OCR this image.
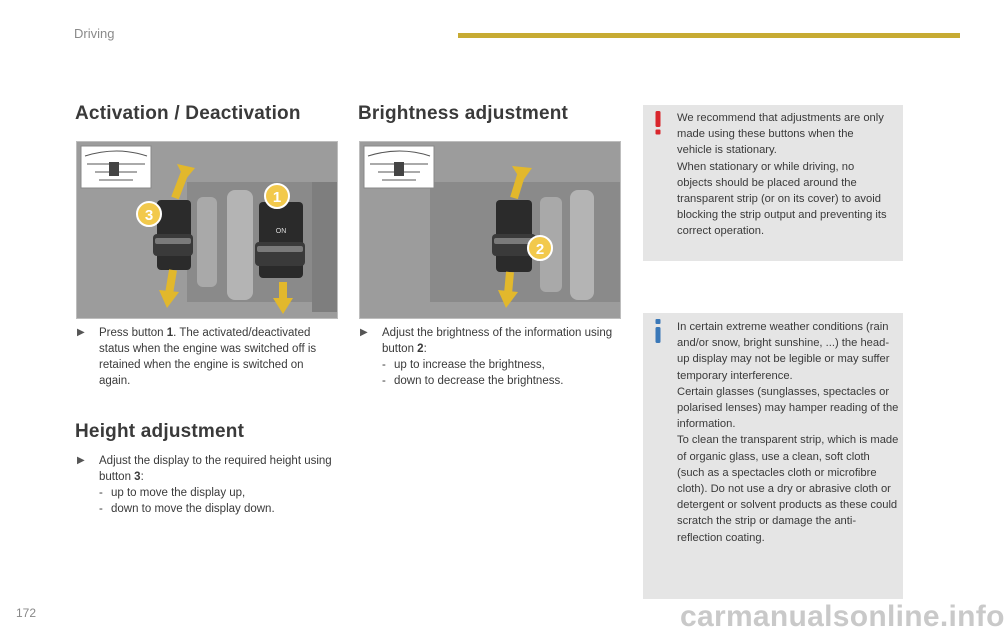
Driving
Activation / Deactivation
ON
3
1
▶ Press button 1. The activated/deactivated status when the engine was switched off is retained when the engine is switched on again.
Height adjustment
▶ Adjust the display to the required height using button 3:
- up to move the display up,
- down to move the display down.
Brightness adjustment
2
▶ Adjust the brightness of the information using button 2:
- up to increase the brightness,
- down to decrease the brightness.

We recommend that adjustments are only made using these buttons when the vehicle is stationary.

When stationary or while driving, no objects should be placed around the transparent strip (or on its cover) to avoid blocking the strip output and preventing its correct operation.

In certain extreme weather conditions (rain and/or snow, bright sunshine, ...) the head-up display may not be legible or may suffer temporary interference.

Certain glasses (sunglasses, spectacles or polarised lenses) may hamper reading of the information.

To clean the transparent strip, which is made of organic glass, use a clean, soft cloth (such as a spectacles cloth or microfibre cloth). Do not use a dry or abrasive cloth or detergent or solvent products as these could scratch the strip or damage the anti-reflection coating.

172	carmanualsonline.info
